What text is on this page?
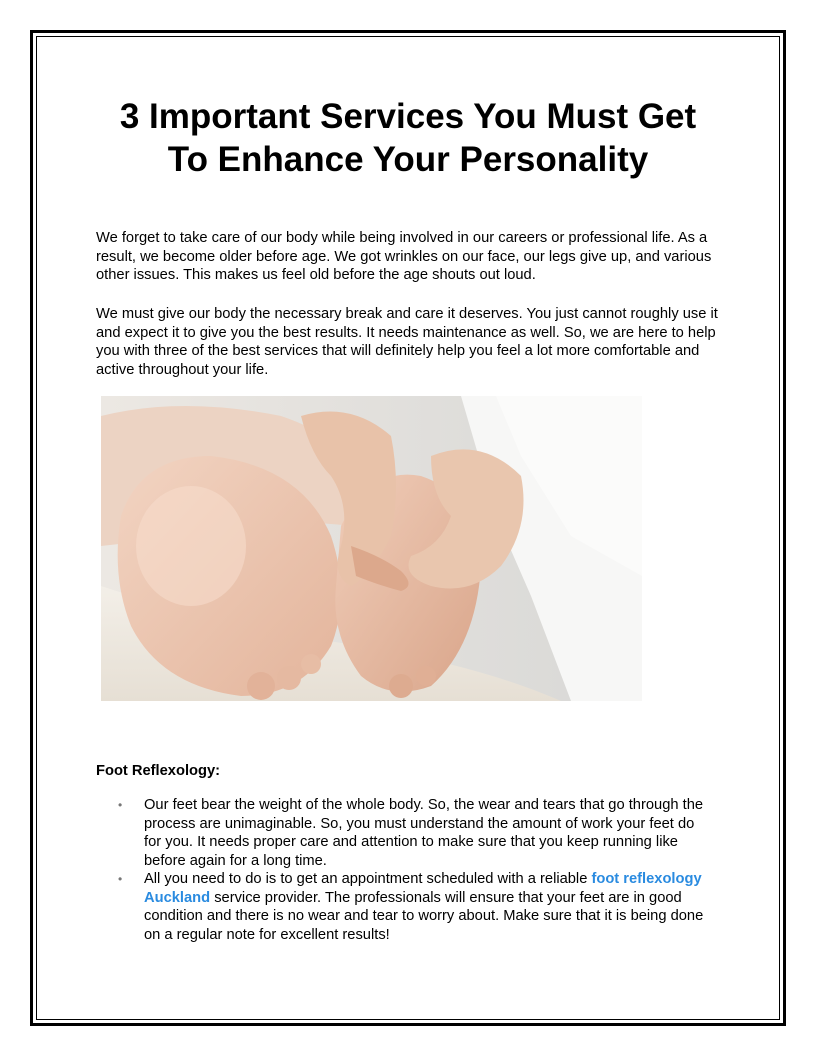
3 Important Services You Must Get
To Enhance Your Personality

We forget to take care of our body while being involved in our careers or professional life. As a result, we become older before age. We got wrinkles on our face, our legs give up, and various other issues. This makes us feel old before the age shouts out loud.

We must give our body the necessary break and care it deserves. You just cannot roughly use it and expect it to give you the best results. It needs maintenance as well. So, we are here to help you with three of the best services that will definitely help you feel a lot more comfortable and active throughout your life.

Foot Reflexology:

• Our feet bear the weight of the whole body. So, the wear and tears that go through the process are unimaginable. So, you must understand the amount of work your feet do for you. It needs proper care and attention to make sure that you keep running like before again for a long time.
• All you need to do is to get an appointment scheduled with a reliable foot reflexology Auckland service provider. The professionals will ensure that your feet are in good condition and there is no wear and tear to worry about. Make sure that it is being done on a regular note for excellent results!
